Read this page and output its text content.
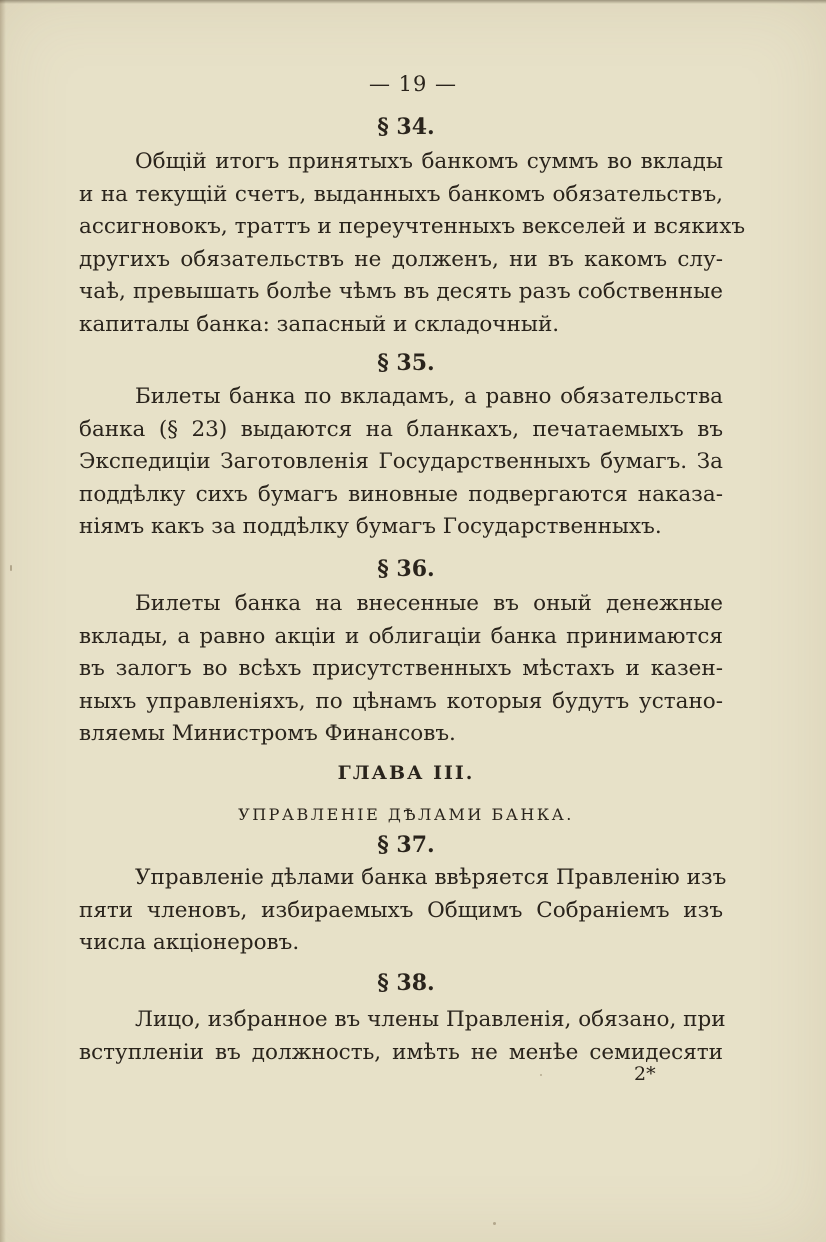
— 19 —
§ 34.
Общій итогъ принятыхъ банкомъ суммъ во вклады
и на текущій счетъ, выданныхъ банкомъ обязательствъ,
ассигновокъ, траттъ и переучтенныхъ векселей и всякихъ
другихъ обязательствъ не долженъ, ни въ какомъ слу-
чаѣ, превышать болѣе чѣмъ въ десять разъ собственные
капиталы банка: запасный и складочный.
§ 35.
Билеты банка по вкладамъ, а равно обязательства
банка (§ 23) выдаются на бланкахъ, печатаемыхъ въ
Экспедиціи Заготовленія Государственныхъ бумагъ. За
поддѣлку сихъ бумагъ виновные подвергаются наказа-
ніямъ какъ за поддѣлку бумагъ Государственныхъ.
§ 36.
Билеты банка на внесенные въ оный денежные
вклады, а равно акціи и облигаціи банка принимаются
въ залогъ во всѣхъ присутственныхъ мѣстахъ и казен-
ныхъ управленіяхъ, по цѣнамъ которыя будутъ устано-
вляемы Министромъ Финансовъ.
ГЛАВА III.
УПРАВЛЕНІЕ ДѢЛАМИ БАНКА.
§ 37.
Управленіе дѣлами банка ввѣряется Правленію изъ
пяти членовъ, избираемыхъ Общимъ Собраніемъ изъ
числа акціонеровъ.
§ 38.
Лицо, избранное въ члены Правленія, обязано, при
вступленіи въ должность, имѣть не менѣе семидесяти
2*
